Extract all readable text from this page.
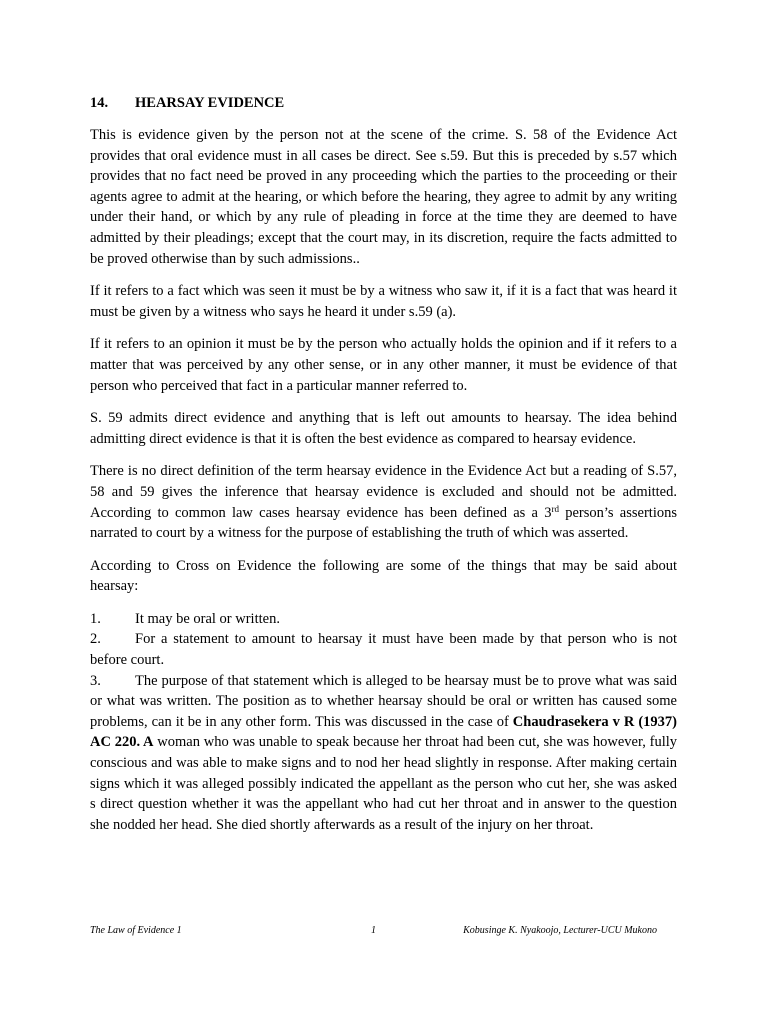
14.	HEARSAY EVIDENCE

This is evidence given by the person not at the scene of the crime. S. 58 of the Evidence Act provides that oral evidence must in all cases be direct. See s.59. But this is preceded by s.57 which provides that no fact need be proved in any proceeding which the parties to the proceeding or their agents agree to admit at the hearing, or which before the hearing, they agree to admit by any writing under their hand, or which by any rule of pleading in force at the time they are deemed to have admitted by their pleadings; except that the court may, in its discretion, require the facts admitted to be proved otherwise than by such admissions..

If it refers to a fact which was seen it must be by a witness who saw it, if it is a fact that was heard it must be given by a witness who says he heard it under s.59 (a).

If it refers to an opinion it must be by the person who actually holds the opinion and if it refers to a matter that was perceived by any other sense, or in any other manner, it must be evidence of that person who perceived that fact in a particular manner referred to.

S. 59 admits direct evidence and anything that is left out amounts to hearsay. The idea behind admitting direct evidence is that it is often the best evidence as compared to hearsay evidence.

There is no direct definition of the term hearsay evidence in the Evidence Act but a reading of S.57, 58 and 59 gives the inference that hearsay evidence is excluded and should not be admitted. According to common law cases hearsay evidence has been defined as a 3rd person’s assertions narrated to court by a witness for the purpose of establishing the truth of which was asserted.

According to Cross on Evidence the following are some of the things that may be said about hearsay:

1. It may be oral or written.

2. For a statement to amount to hearsay it must have been made by that person who is not before court.

3. The purpose of that statement which is alleged to be hearsay must be to prove what was said or what was written. The position as to whether hearsay should be oral or written has caused some problems, can it be in any other form. This was discussed in the case of Chaudrasekera v R (1937) AC 220. A woman who was unable to speak because her throat had been cut, she was however, fully conscious and was able to make signs and to nod her head slightly in response. After making certain signs which it was alleged possibly indicated the appellant as the person who cut her, she was asked s direct question whether it was the appellant who had cut her throat and in answer to the question she nodded her head. She died shortly afterwards as a result of the injury on her throat.

The Law of Evidence 1	1	Kobusinge K. Nyakoojo, Lecturer-UCU Mukono
